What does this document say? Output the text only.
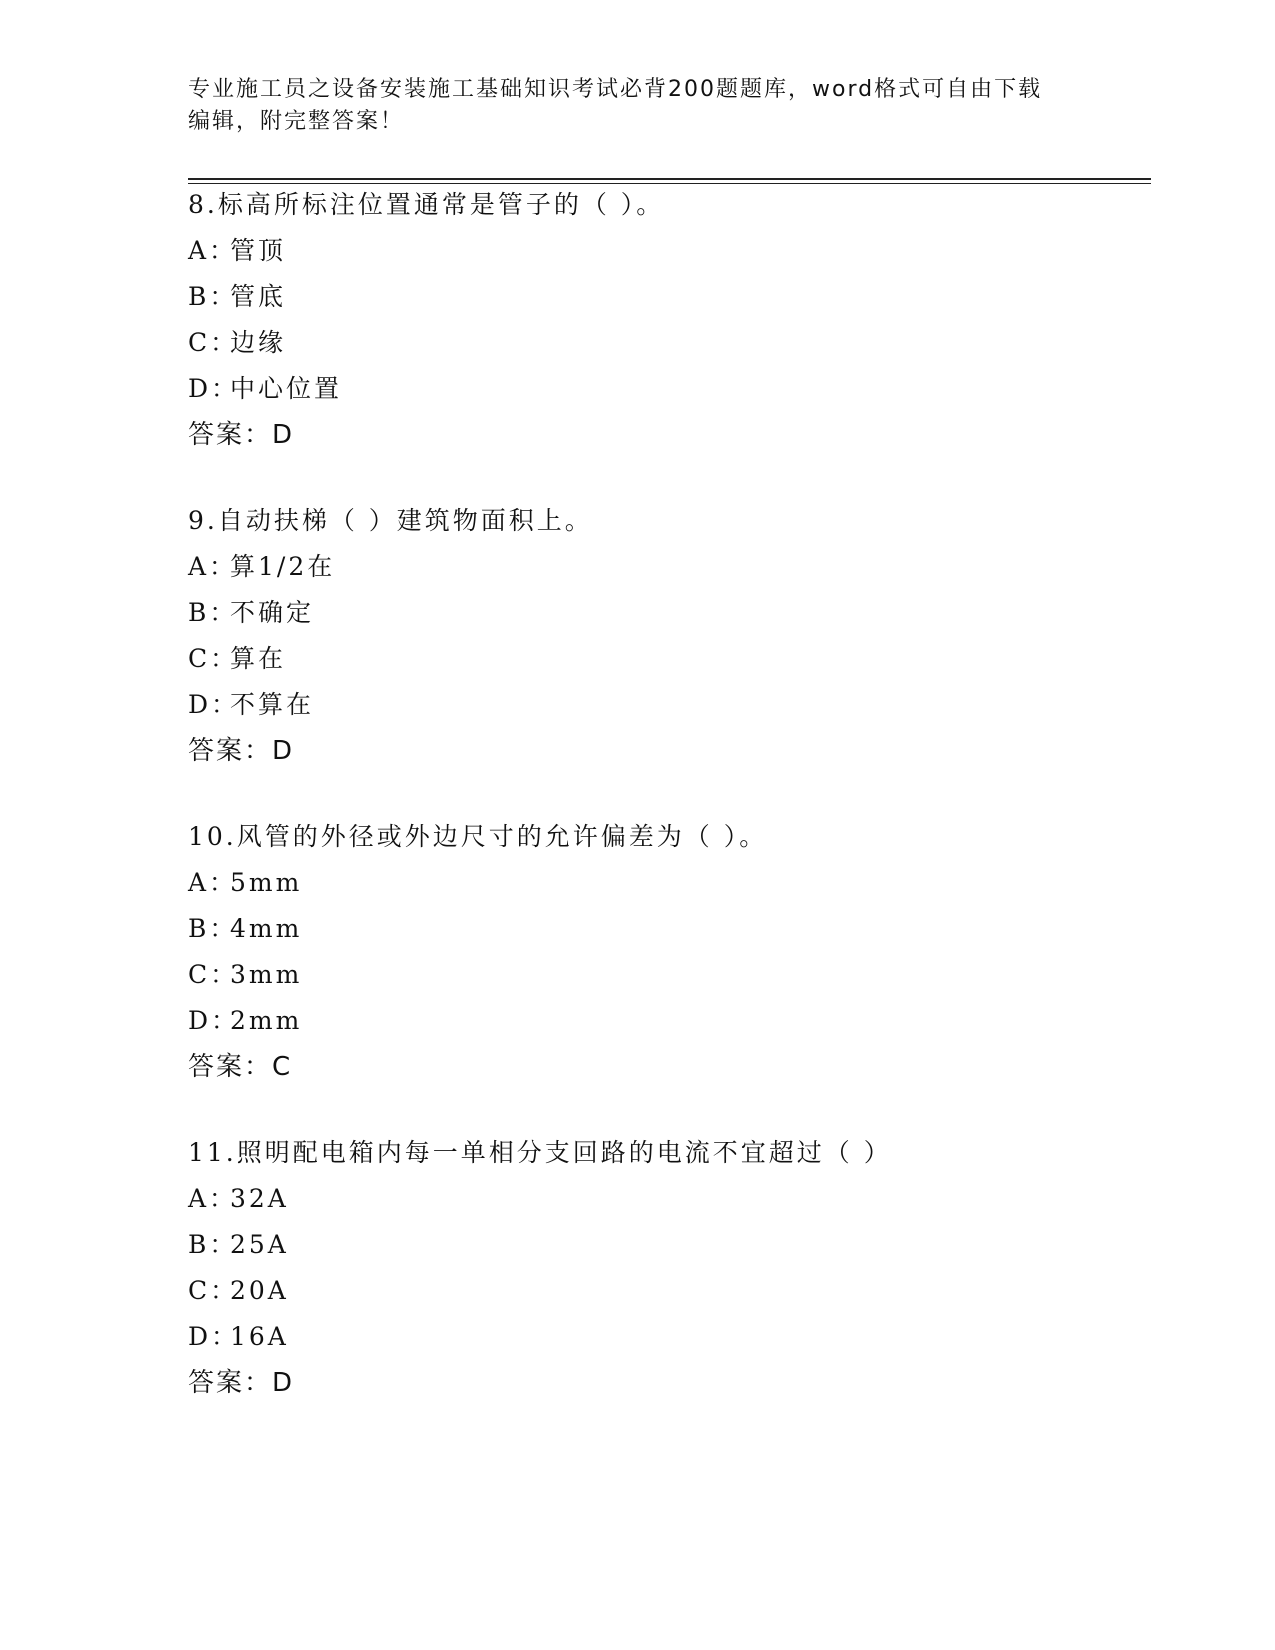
专业施工员之设备安装施工基础知识考试必背200题题库，word格式可自由下载
编辑，附完整答案！
8.标高所标注位置通常是管子的（ ）。
A：管顶
B：管底
C：边缘
D：中心位置
答案：D
9.自动扶梯（ ）建筑物面积上。
A：算1/2在
B：不确定
C：算在
D：不算在
答案：D
10.风管的外径或外边尺寸的允许偏差为（ ）。
A：5mm
B：4mm
C：3mm
D：2mm
答案：C
11.照明配电箱内每一单相分支回路的电流不宜超过（ ）
A：32A
B：25A
C：20A
D：16A
答案：D
